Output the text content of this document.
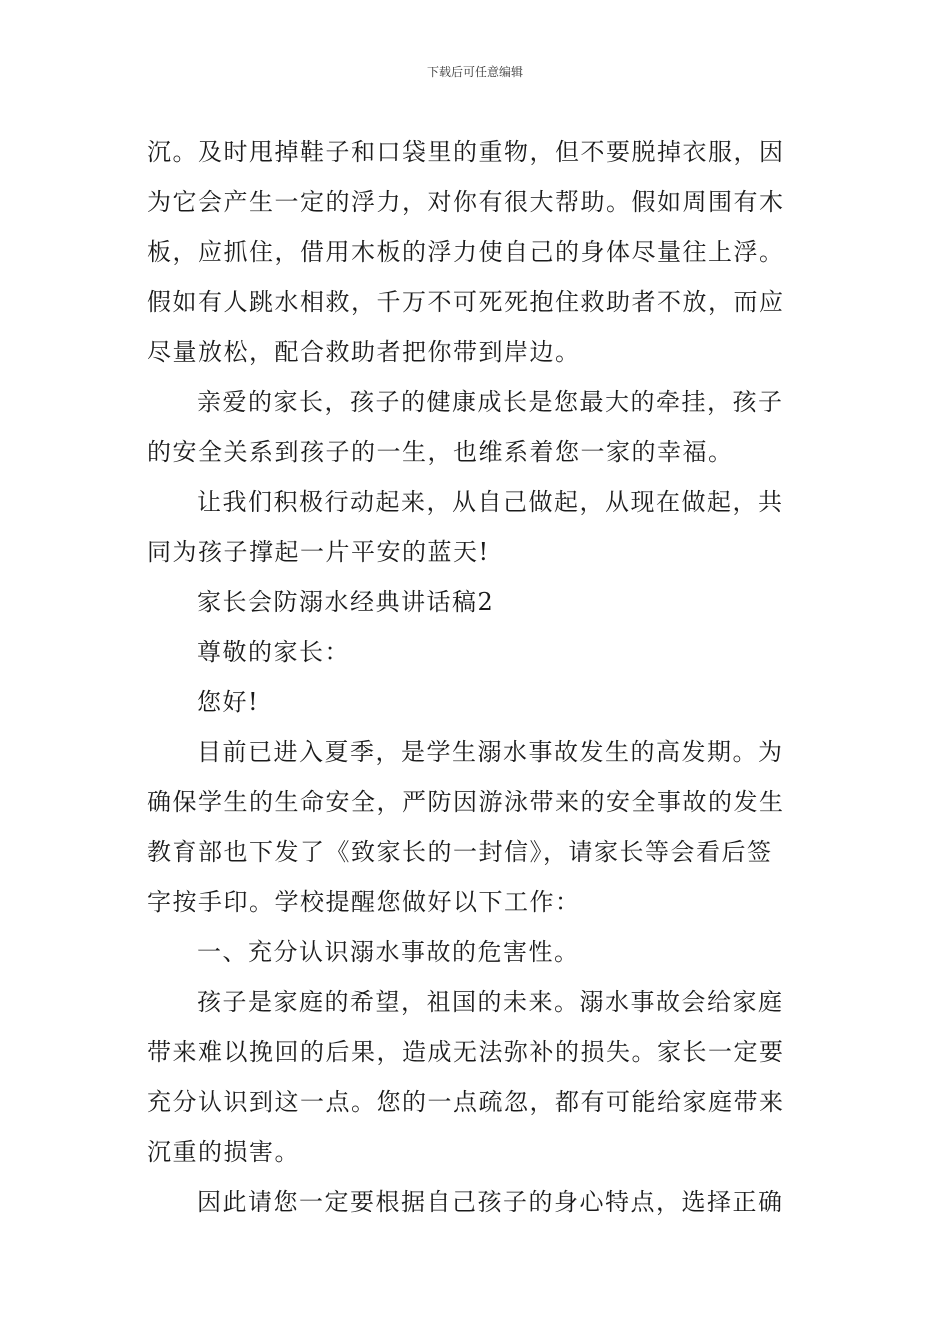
下载后可任意编辑
沉。及时甩掉鞋子和口袋里的重物，但不要脱掉衣服，因
为它会产生一定的浮力，对你有很大帮助。假如周围有木
板，应抓住，借用木板的浮力使自己的身体尽量往上浮。
假如有人跳水相救，千万不可死死抱住救助者不放，而应
尽量放松，配合救助者把你带到岸边。
亲爱的家长，孩子的健康成长是您最大的牵挂，孩子
的安全关系到孩子的一生，也维系着您一家的幸福。
让我们积极行动起来，从自己做起，从现在做起，共
同为孩子撑起一片平安的蓝天!
家长会防溺水经典讲话稿2
尊敬的家长：
您好!
目前已进入夏季，是学生溺水事故发生的高发期。为
确保学生的生命安全，严防因游泳带来的安全事故的发生
教育部也下发了《致家长的一封信》，请家长等会看后签
字按手印。学校提醒您做好以下工作：
一、充分认识溺水事故的危害性。
孩子是家庭的希望，祖国的未来。溺水事故会给家庭
带来难以挽回的后果，造成无法弥补的损失。家长一定要
充分认识到这一点。您的一点疏忽，都有可能给家庭带来
沉重的损害。
因此请您一定要根据自己孩子的身心特点，选择正确
